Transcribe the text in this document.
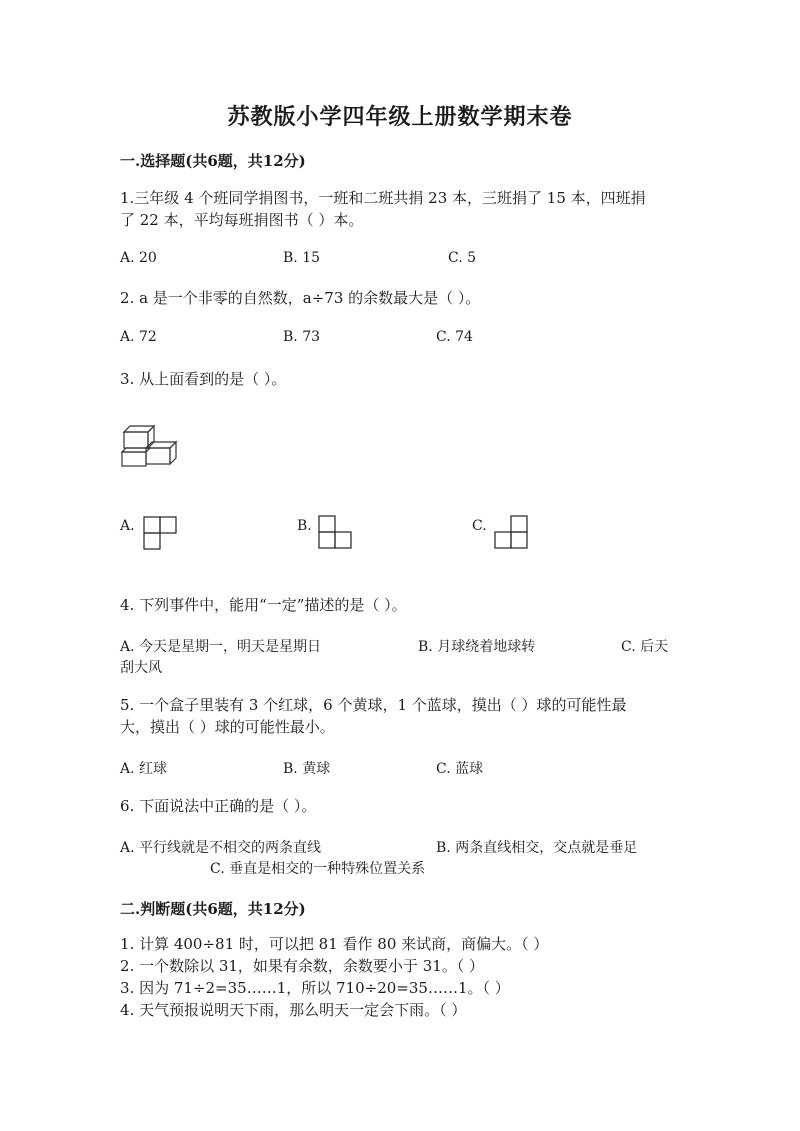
苏教版小学四年级上册数学期末卷
一.选择题(共6题，共12分)
1.三年级 4 个班同学捐图书，一班和二班共捐 23 本，三班捐了 15 本，四班捐
了 22 本，平均每班捐图书（ ）本。
A. 20	B. 15	C. 5
2. a 是一个非零的自然数，a÷73 的余数最大是（ ）。
A. 72	B. 73	C. 74
3. 从上面看到的是（ ）。
A.	B.	C.
4. 下列事件中，能用“一定”描述的是（ ）。
A. 今天是星期一，明天是星期日	B. 月球绕着地球转	C. 后天
刮大风
5. 一个盒子里装有 3 个红球，6 个黄球，1 个蓝球，摸出（ ）球的可能性最
大，摸出（ ）球的可能性最小。
A. 红球	B. 黄球	C. 蓝球
6. 下面说法中正确的是（ ）。
A. 平行线就是不相交的两条直线	B. 两条直线相交，交点就是垂足
C. 垂直是相交的一种特殊位置关系
二.判断题(共6题，共12分)
1. 计算 400÷81 时，可以把 81 看作 80 来试商，商偏大。（ ）
2. 一个数除以 31，如果有余数，余数要小于 31。（ ）
3. 因为 71÷2=35……1，所以 710÷20=35……1。（ ）
4. 天气预报说明天下雨，那么明天一定会下雨。（ ）
